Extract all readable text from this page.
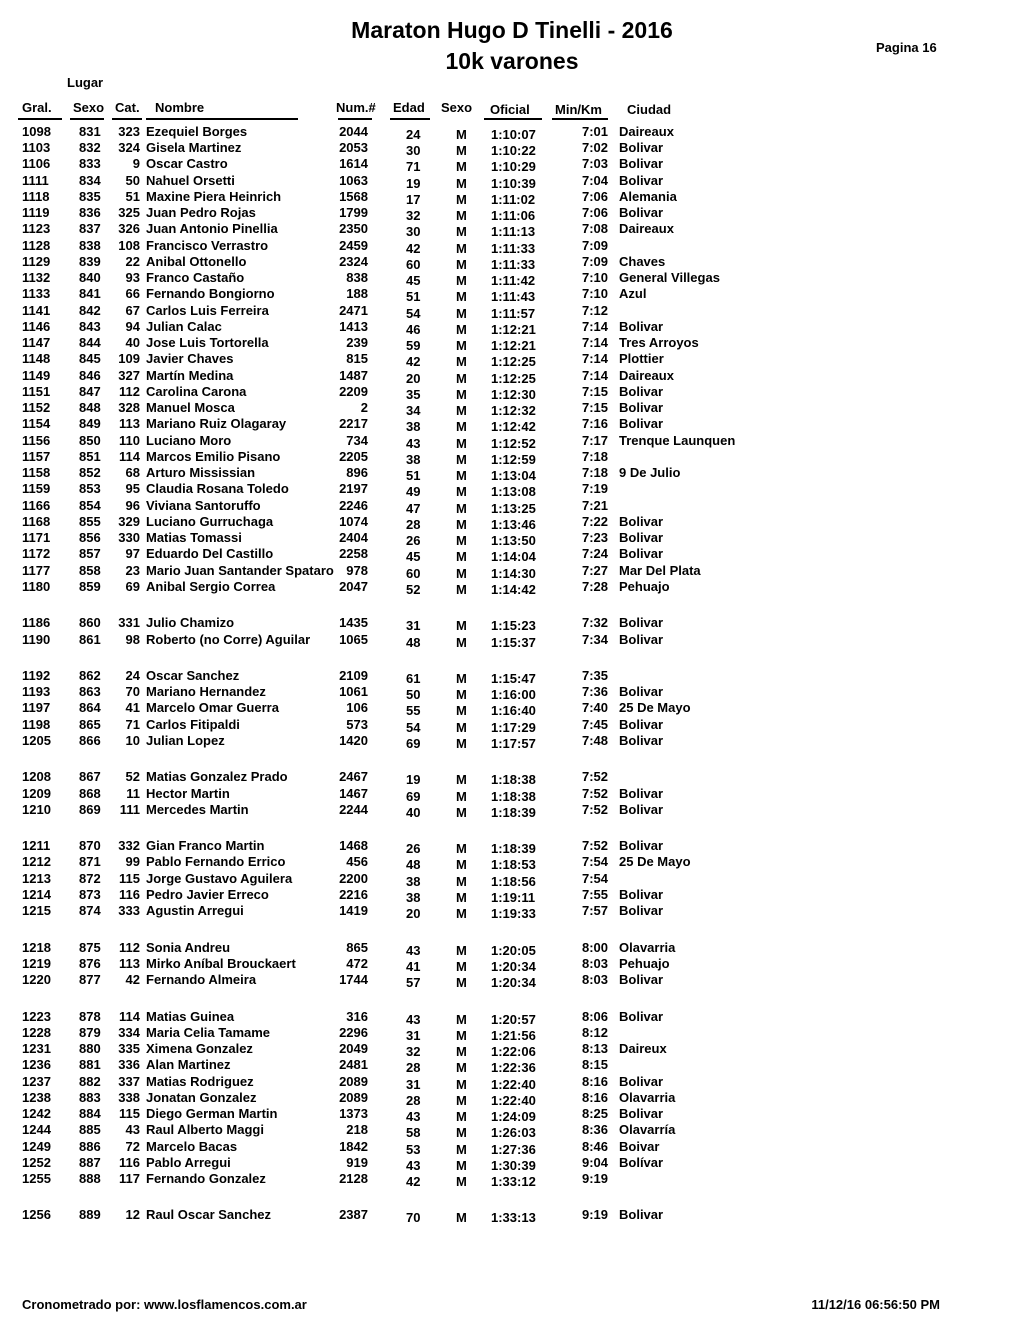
Maraton Hugo D Tinelli - 2016
10k varones
Pagina 16
Lugar
Gral. Sexo Cat. Nombre	Num.# Edad Sexo Oficial Min/Km Ciudad
1098 831	323 Ezequiel Borges	2044	24	M 1:10:07	7:01 Daireaux
1103 832	324 Gisela Martinez	2053	30	M 1:10:22	7:02 Bolivar
1106 833	9 Oscar Castro	1614	71	M 1:10:29	7:03 Bolivar
1111 834	50 Nahuel Orsetti	1063	19	M 1:10:39	7:04 Bolivar
1118 835	51 Maxine Piera Heinrich	1568	17	M 1:11:02	7:06 Alemania
1119 836	325 Juan Pedro Rojas	1799	32	M 1:11:06	7:06 Bolivar
1123 837	326 Juan Antonio Pinellia	2350	30	M 1:11:13	7:08 Daireaux
1128 838	108 Francisco Verrastro	2459	42	M 1:11:33	7:09
1129 839	22 Anibal Ottonello	2324	60	M 1:11:33	7:09 Chaves
1132 840	93 Franco Castaño	838	45	M 1:11:42	7:10 General Villegas
1133 841	66 Fernando Bongiorno	188	51	M 1:11:43	7:10 Azul
1141 842	67 Carlos Luis Ferreira	2471	54	M 1:11:57	7:12
1146 843	94 Julian Calac	1413	46	M 1:12:21	7:14 Bolivar
1147 844	40 Jose Luis Tortorella	239	59	M 1:12:21	7:14 Tres Arroyos
1148 845	109 Javier Chaves	815	42	M 1:12:25	7:14 Plottier
1149 846	327 Martín Medina	1487	20	M 1:12:25	7:14 Daireaux
1151 847	112 Carolina Carona	2209	35	M 1:12:30	7:15 Bolivar
1152 848	328 Manuel Mosca	2	34	M 1:12:32	7:15 Bolivar
1154 849	113 Mariano Ruiz Olagaray	2217	38	M 1:12:42	7:16 Bolivar
1156 850	110 Luciano Moro	734	43	M 1:12:52	7:17 Trenque Launquen
1157 851	114 Marcos Emilio Pisano	2205	38	M 1:12:59	7:18
1158 852	68 Arturo Mississian	896	51	M 1:13:04	7:18 9 De Julio
1159 853	95 Claudia Rosana Toledo	2197	49	M 1:13:08	7:19
1166 854	96 Viviana Santoruffo	2246	47	M 1:13:25	7:21
1168 855	329 Luciano Gurruchaga	1074	28	M 1:13:46	7:22 Bolivar
1171 856	330 Matias Tomassi	2404	26	M 1:13:50	7:23 Bolivar
1172 857	97 Eduardo Del Castillo	2258	45	M 1:14:04	7:24 Bolivar
1177 858	23 Mario Juan Santander Spataro 978	60	M 1:14:30	7:27 Mar Del Plata
1180 859	69 Anibal Sergio Correa	2047	52	M 1:14:42	7:28 Pehuajo
1186 860	331 Julio Chamizo	1435	31	M 1:15:23	7:32 Bolivar
1190 861	98 Roberto (no Corre) Aguilar	1065	48	M 1:15:37	7:34 Bolivar
1192 862	24 Oscar Sanchez	2109	61	M 1:15:47	7:35
1193 863	70 Mariano Hernandez	1061	50	M 1:16:00	7:36 Bolivar
1197 864	41 Marcelo Omar Guerra	106	55	M 1:16:40	7:40 25 De Mayo
1198 865	71 Carlos Fitipaldi	573	54	M 1:17:29	7:45 Bolivar
1205 866	10 Julian Lopez	1420	69	M 1:17:57	7:48 Bolivar
1208 867	52 Matias Gonzalez Prado	2467	19	M 1:18:38	7:52
1209 868	11 Hector Martin	1467	69	M 1:18:38	7:52 Bolivar
1210 869	111 Mercedes Martin	2244	40	M 1:18:39	7:52 Bolivar
1211 870	332 Gian Franco Martin	1468	26	M 1:18:39	7:52 Bolivar
1212 871	99 Pablo Fernando Errico	456	48	M 1:18:53	7:54 25 De Mayo
1213 872	115 Jorge Gustavo Aguilera	2200	38	M 1:18:56	7:54
1214 873	116 Pedro Javier Erreco	2216	38	M 1:19:11	7:55 Bolivar
1215 874	333 Agustin Arregui	1419	20	M 1:19:33	7:57 Bolivar
1218 875	112 Sonia Andreu	865	43	M 1:20:05	8:00 Olavarria
1219 876	113 Mirko Aníbal Brouckaert	472	41	M 1:20:34	8:03 Pehuajo
1220 877	42 Fernando Almeira	1744	57	M 1:20:34	8:03 Bolivar
1223 878	114 Matias Guinea	316	43	M 1:20:57	8:06 Bolivar
1228 879	334 Maria Celia Tamame	2296	31	M 1:21:56	8:12
1231 880	335 Ximena Gonzalez	2049	32	M 1:22:06	8:13 Daireux
1236 881	336 Alan Martinez	2481	28	M 1:22:36	8:15
1237 882	337 Matias Rodriguez	2089	31	M 1:22:40	8:16 Bolivar
1238 883	338 Jonatan Gonzalez	2089	28	M 1:22:40	8:16 Olavarria
1242 884	115 Diego German Martin	1373	43	M 1:24:09	8:25 Bolivar
1244 885	43 Raul Alberto Maggi	218	58	M 1:26:03	8:36 Olavarría
1249 886	72 Marcelo Bacas	1842	53	M 1:27:36	8:46 Boivar
1252 887	116 Pablo Arregui	919	43	M 1:30:39	9:04 Bolívar
1255 888	117 Fernando Gonzalez	2128	42	M 1:33:12	9:19
1256 889	12 Raul Oscar Sanchez	2387	70	M 1:33:13	9:19 Bolivar
Cronometrado por: www.losflamencos.com.ar	11/12/16 06:56:50 PM
